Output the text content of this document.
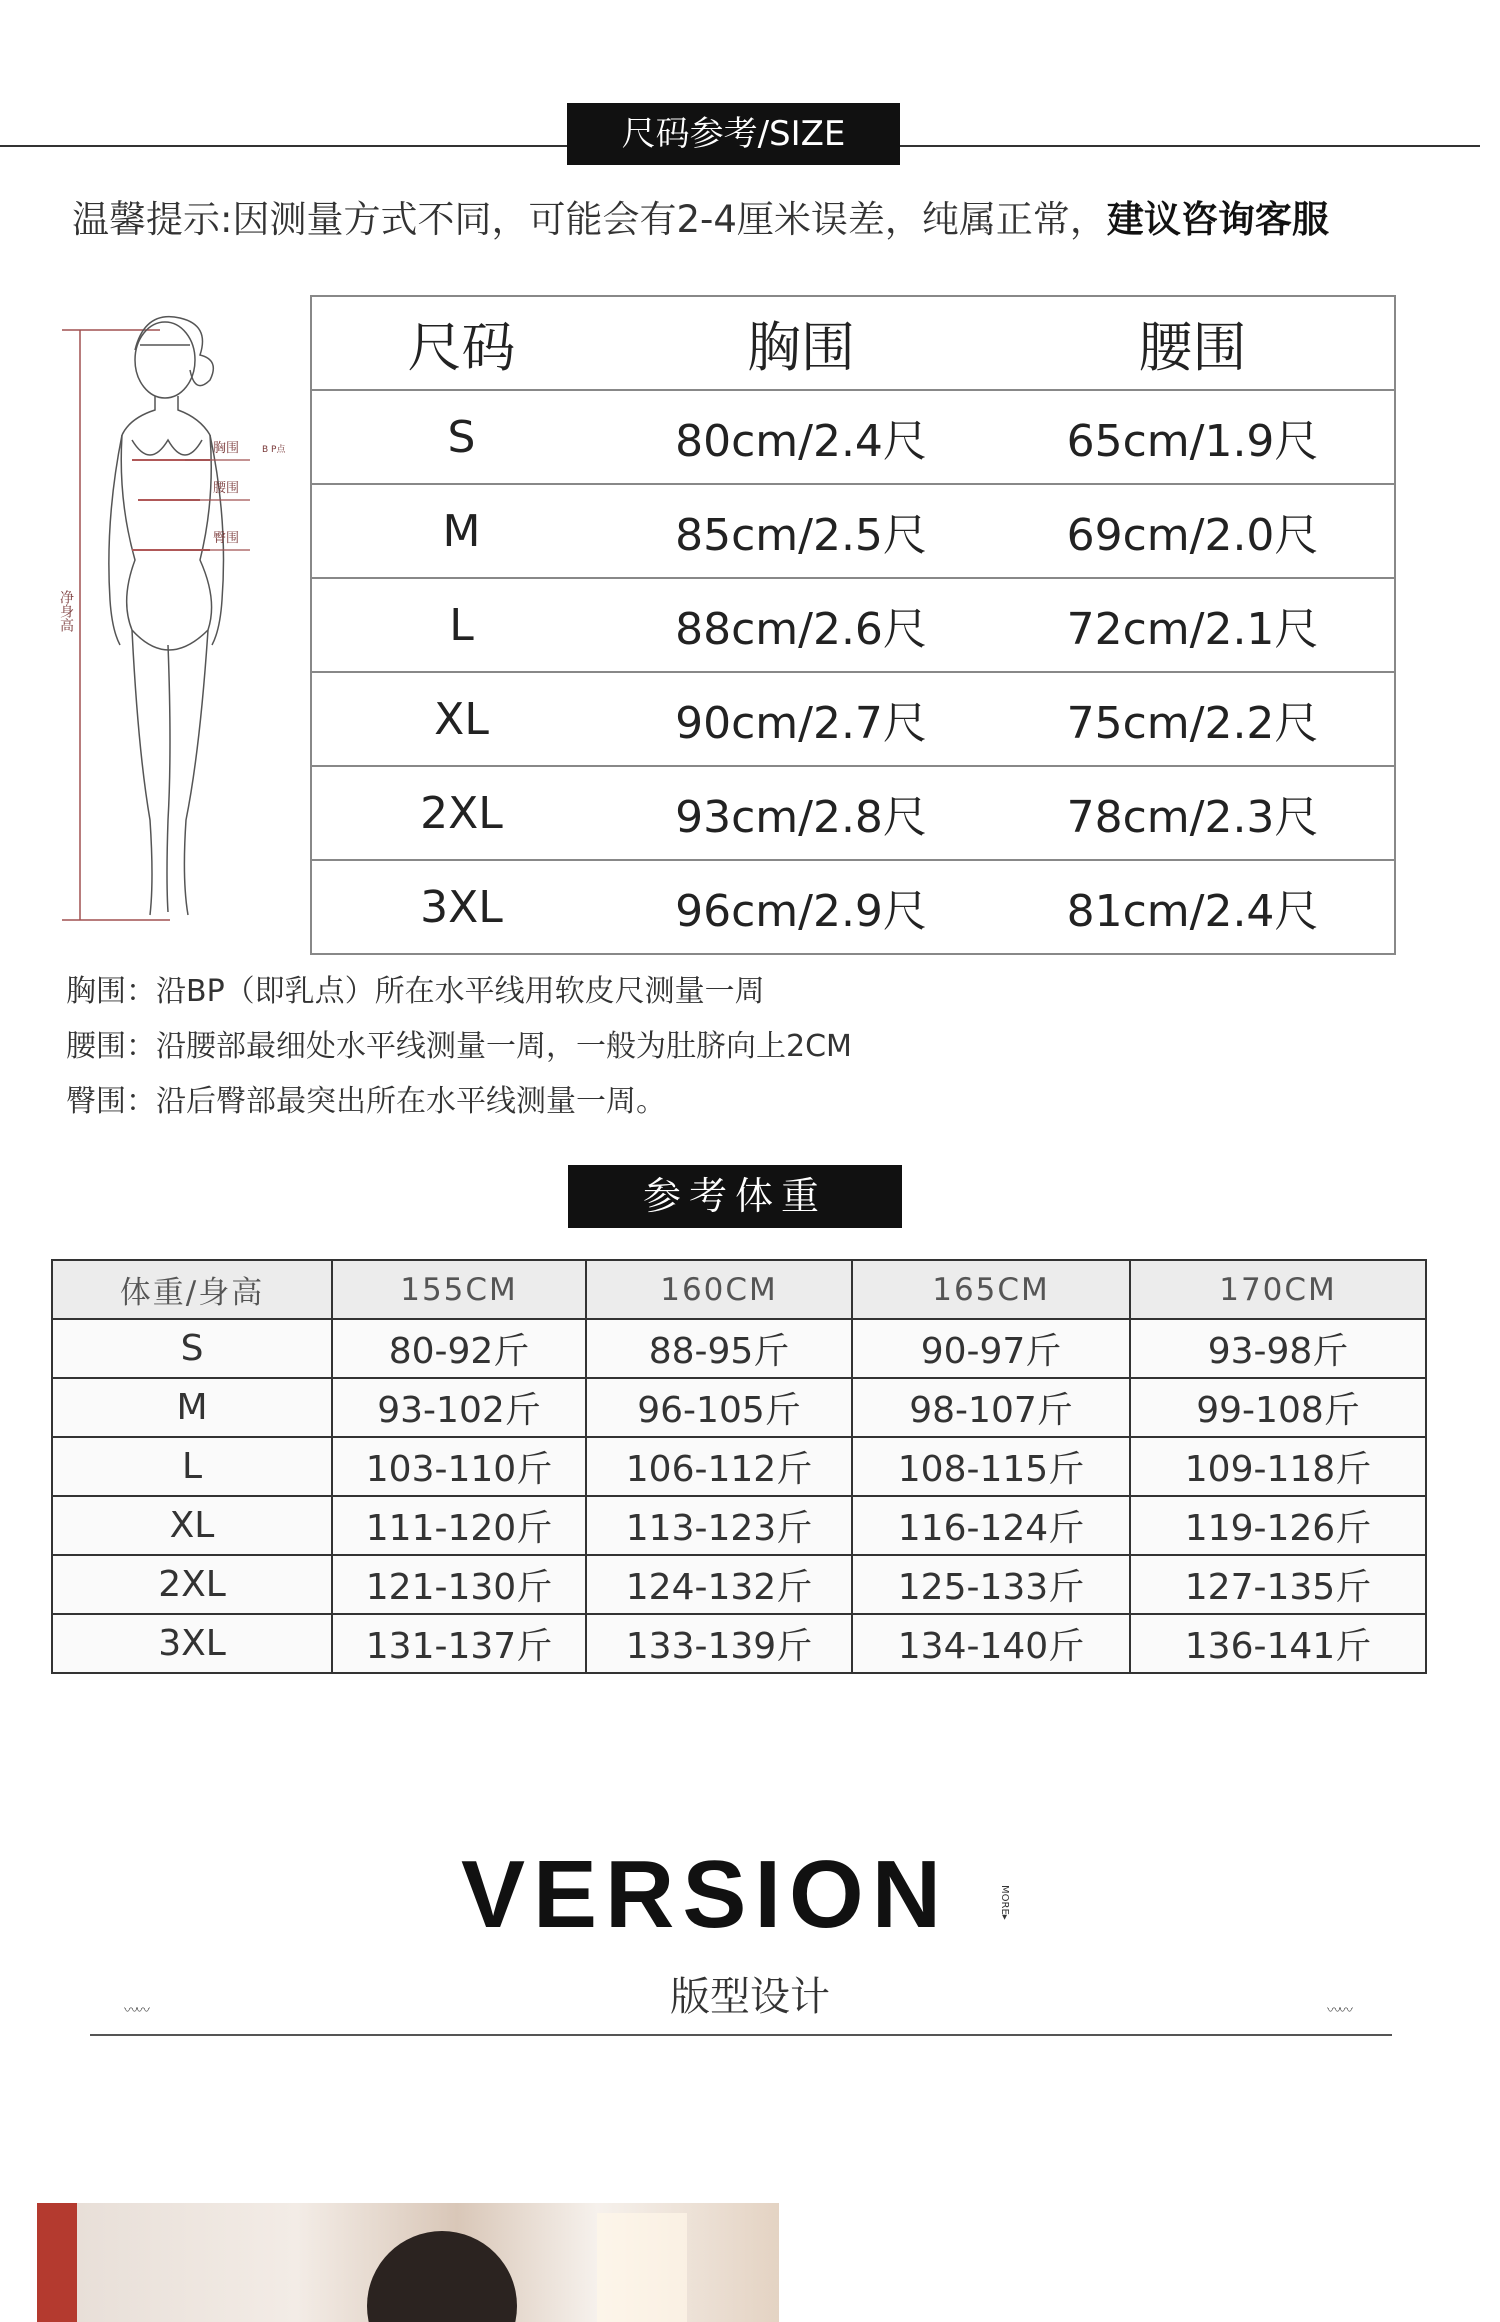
尺码参考/SIZE
温馨提示:因测量方式不同，可能会有2-4厘米误差，纯属正常，建议咨询客服
胸围	B P点
腰围
臀围
净身高
尺码	胸围	腰围
S	80cm/2.4尺	65cm/1.9尺
M	85cm/2.5尺	69cm/2.0尺
L	88cm/2.6尺	72cm/2.1尺
XL	90cm/2.7尺	75cm/2.2尺
2XL	93cm/2.8尺	78cm/2.3尺
3XL	96cm/2.9尺	81cm/2.4尺
胸围：沿BP（即乳点）所在水平线用软皮尺测量一周
腰围：沿腰部最细处水平线测量一周，一般为肚脐向上2CM
臀围：沿后臀部最突出所在水平线测量一周。
参考体重
体重/身高	155CM	160CM	165CM	170CM
S	80-92斤	88-95斤	90-97斤	93-98斤
M	93-102斤	96-105斤	98-107斤	99-108斤
L	103-110斤	106-112斤	108-115斤	109-118斤
XL	111-120斤	113-123斤	116-124斤	119-126斤
2XL	121-130斤	124-132斤	125-133斤	127-135斤
3XL	131-137斤	133-139斤	134-140斤	136-141斤
VERSION	MORE▸
版型设计
〰〰	〰〰
